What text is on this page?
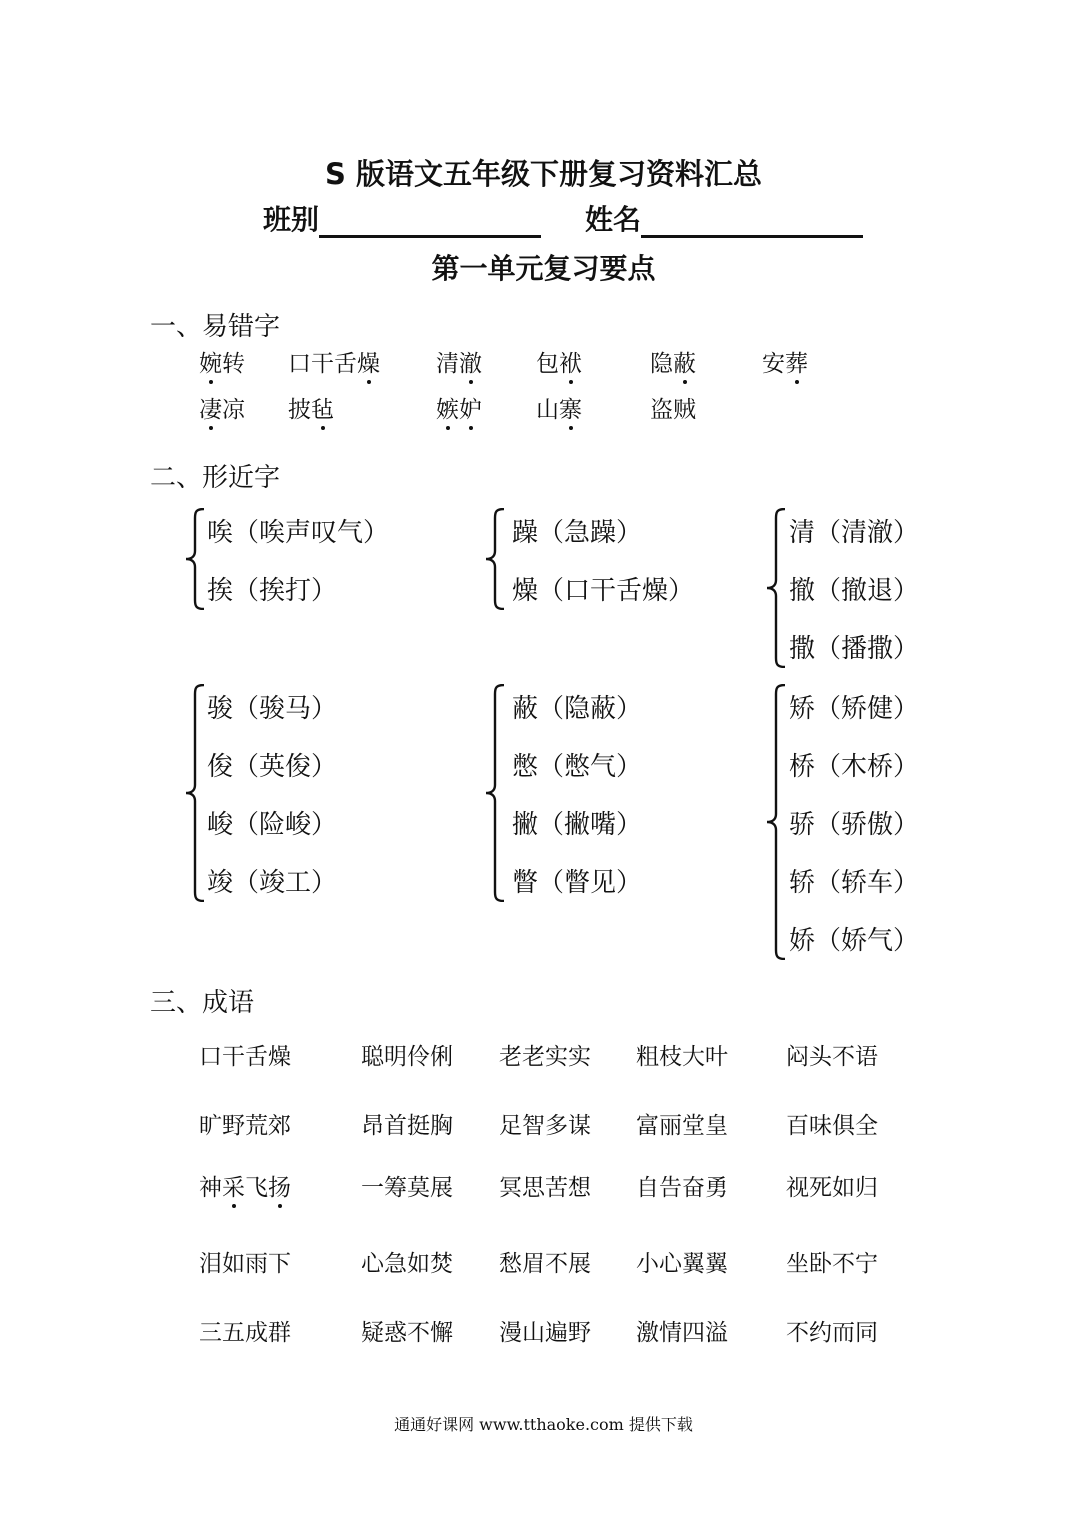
S 版语文五年级下册复习资料汇总
班别	姓名
第一单元复习要点
一、易错字
婉转 口干舌燥 清澈 包袱	隐蔽	安葬
凄凉 披毡	嫉妒 山寨	盗贼
二、形近字
唉（唉声叹气）
挨（挨打）
躁（急躁）
燥（口干舌燥）
清（清澈）
撤（撤退）
撒（播撒）
骏（骏马）
俊（英俊）
峻（险峻）
竣（竣工）
蔽（隐蔽）
憋（憋气）
撇（撇嘴）
瞥（瞥见）
矫（矫健）
桥（木桥）
骄（骄傲）
轿（轿车）
娇（娇气）
三、成语
口干舌燥	聪明伶俐 老老实实 粗枝大叶	闷头不语
旷野荒郊	昂首挺胸 足智多谋 富丽堂皇	百味俱全
神采飞扬	一筹莫展 冥思苦想 自告奋勇	视死如归
泪如雨下	心急如焚 愁眉不展 小心翼翼	坐卧不宁
三五成群	疑惑不懈 漫山遍野 激情四溢	不约而同
通通好课网 www.tthaoke.com 提供下载
